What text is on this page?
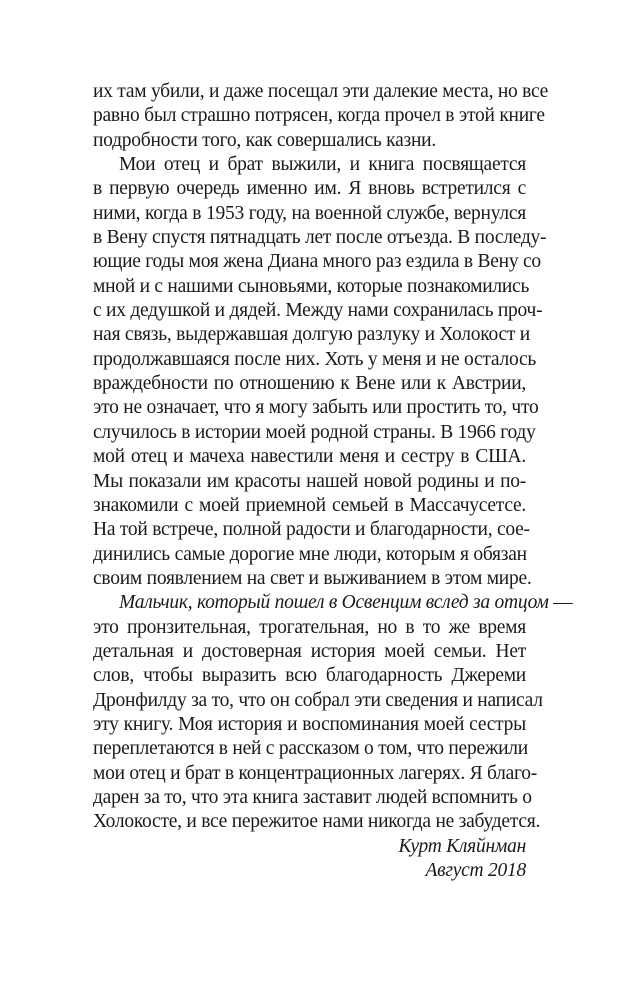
их там убили, и даже посещал эти далекие места, но все
равно был страшно потрясен, когда прочел в этой книге
подробности того, как совершались казни.
Мои отец и брат выжили, и книга посвящается
в первую очередь именно им. Я вновь встретился с
ними, когда в 1953 году, на военной службе, вернулся
в Вену спустя пятнадцать лет после отъезда. В последу-
ющие годы моя жена Диана много раз ездила в Вену со
мной и с нашими сыновьями, которые познакомились
с их дедушкой и дядей. Между нами сохранилась проч-
ная связь, выдержавшая долгую разлуку и Холокост и
продолжавшаяся после них. Хоть у меня и не осталось
враждебности по отношению к Вене или к Австрии,
это не означает, что я могу забыть или простить то, что
случилось в истории моей родной страны. В 1966 году
мой отец и мачеха навестили меня и сестру в США.
Мы показали им красоты нашей новой родины и по-
знакомили с моей приемной семьей в Массачусетсе.
На той встрече, полной радости и благодарности, сое-
динились самые дорогие мне люди, которым я обязан
своим появлением на свет и выживанием в этом мире.
Мальчик, который пошел в Освенцим вслед за отцом —
это пронзительная, трогательная, но в то же время
детальная и достоверная история моей семьи. Нет
слов, чтобы выразить всю благодарность Джереми
Дронфилду за то, что он собрал эти сведения и написал
эту книгу. Моя история и воспоминания моей сестры
переплетаются в ней с рассказом о том, что пережили
мои отец и брат в концентрационных лагерях. Я благо-
дарен за то, что эта книга заставит людей вспомнить о
Холокосте, и все пережитое нами никогда не забудется.
Курт Кляйнман
Август 2018
